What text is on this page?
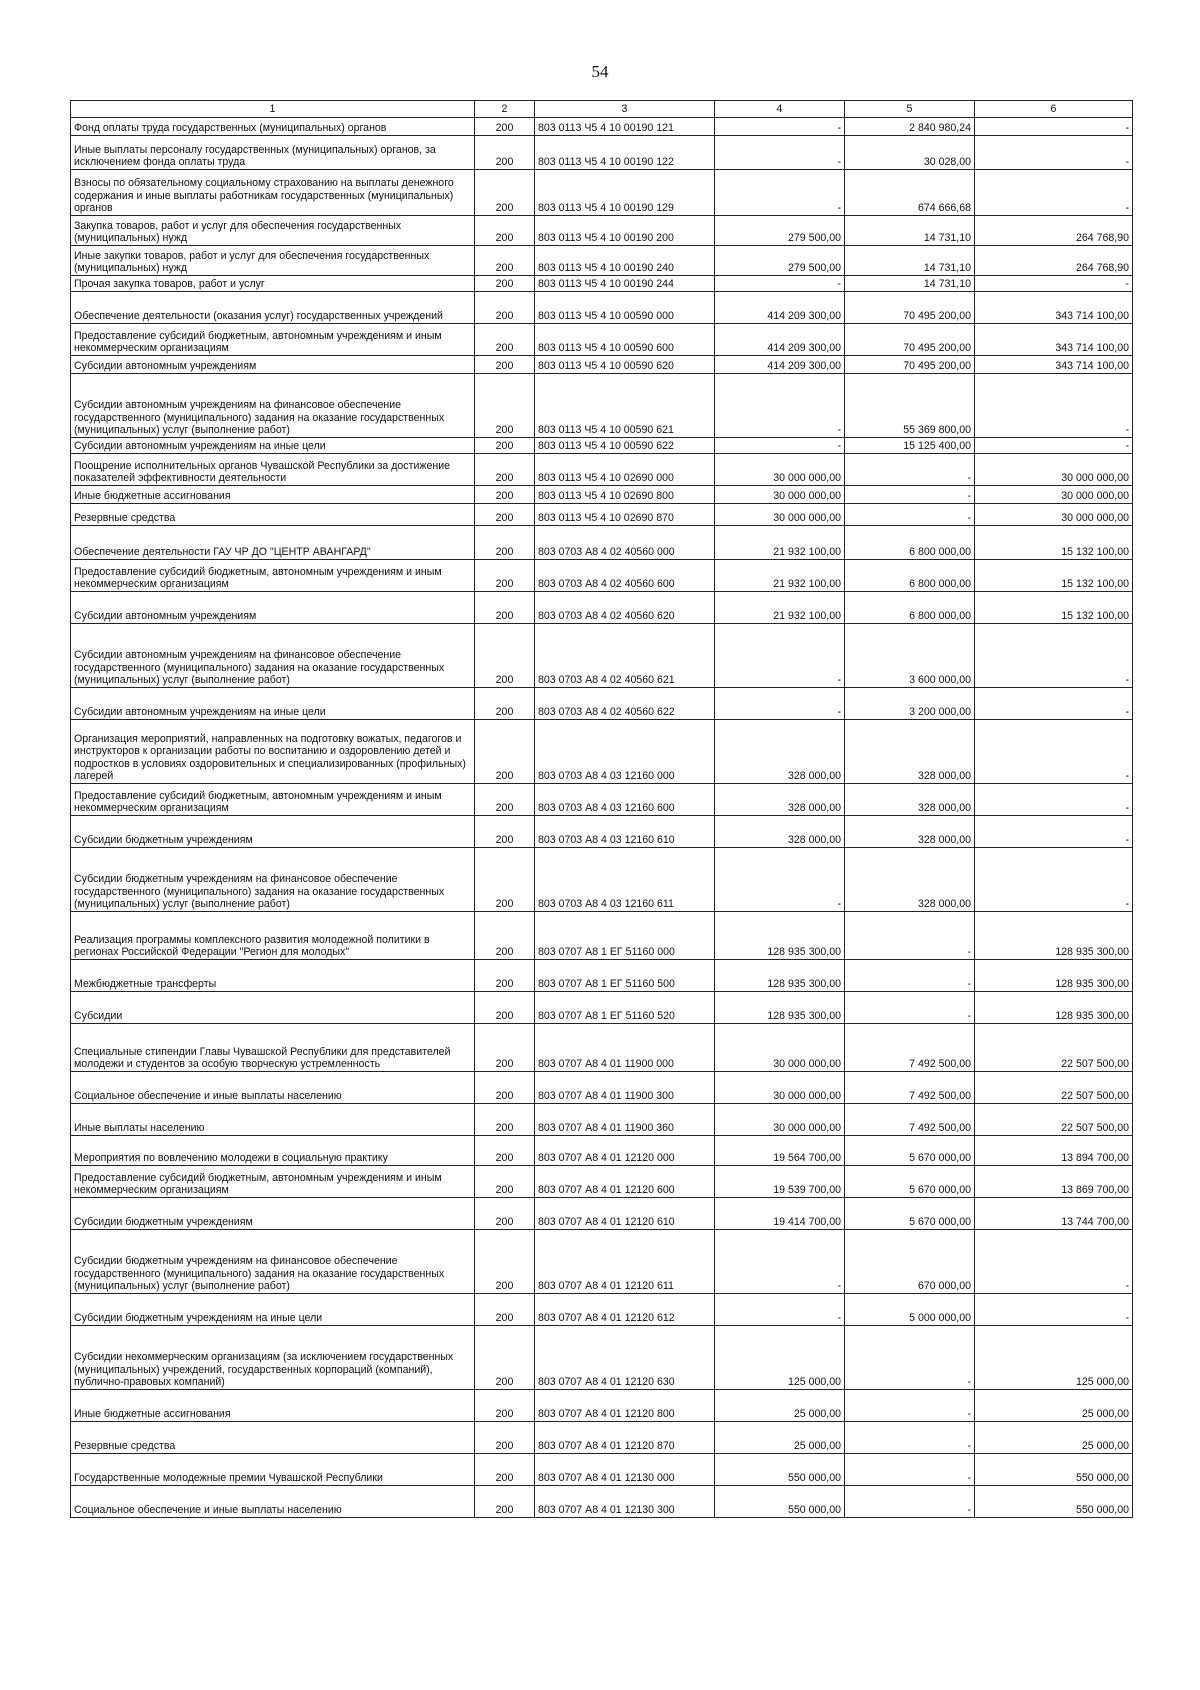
54
1	2	3	4	5	6
Фонд оплаты труда государственных (муниципальных) органов	200	803 0113 Ч5 4 10 00190 121	-	2 840 980,24	-
Иные выплаты персоналу государственных (муниципальных) органов, за исключением фонда оплаты труда	200	803 0113 Ч5 4 10 00190 122	-	30 028,00	-
Взносы по обязательному социальному страхованию на выплаты денежного содержания и иные выплаты работникам государственных (муниципальных) органов	200	803 0113 Ч5 4 10 00190 129	-	674 666,68	-
Закупка товаров, работ и услуг для обеспечения государственных (муниципальных) нужд	200	803 0113 Ч5 4 10 00190 200	279 500,00	14 731,10	264 768,90
Иные закупки товаров, работ и услуг для обеспечения государственных (муниципальных) нужд	200	803 0113 Ч5 4 10 00190 240	279 500,00	14 731,10	264 768,90
Прочая закупка товаров, работ и услуг	200	803 0113 Ч5 4 10 00190 244	-	14 731,10	-
Обеспечение деятельности (оказания услуг) государственных учреждений	200	803 0113 Ч5 4 10 00590 000	414 209 300,00	70 495 200,00	343 714 100,00
Предоставление субсидий бюджетным, автономным учреждениям и иным некоммерческим организациям	200	803 0113 Ч5 4 10 00590 600	414 209 300,00	70 495 200,00	343 714 100,00
Субсидии автономным учреждениям	200	803 0113 Ч5 4 10 00590 620	414 209 300,00	70 495 200,00	343 714 100,00
Субсидии автономным учреждениям на финансовое обеспечение государственного (муниципального) задания на оказание государственных (муниципальных) услуг (выполнение работ)	200	803 0113 Ч5 4 10 00590 621	-	55 369 800,00	-
Субсидии автономным учреждениям на иные цели	200	803 0113 Ч5 4 10 00590 622	-	15 125 400,00	-
Поощрение исполнительных органов Чувашской Республики за достижение показателей эффективности деятельности	200	803 0113 Ч5 4 10 02690 000	30 000 000,00	-	30 000 000,00
Иные бюджетные ассигнования	200	803 0113 Ч5 4 10 02690 800	30 000 000,00	-	30 000 000,00
Резервные средства	200	803 0113 Ч5 4 10 02690 870	30 000 000,00	-	30 000 000,00
Обеспечение деятельности ГАУ ЧР ДО "ЦЕНТР АВАНГАРД"	200	803 0703 А8 4 02 40560 000	21 932 100,00	6 800 000,00	15 132 100,00
Предоставление субсидий бюджетным, автономным учреждениям и иным некоммерческим организациям	200	803 0703 А8 4 02 40560 600	21 932 100,00	6 800 000,00	15 132 100,00
Субсидии автономным учреждениям	200	803 0703 А8 4 02 40560 620	21 932 100,00	6 800 000,00	15 132 100,00
Субсидии автономным учреждениям на финансовое обеспечение государственного (муниципального) задания на оказание государственных (муниципальных) услуг (выполнение работ)	200	803 0703 А8 4 02 40560 621	-	3 600 000,00	-
Субсидии автономным учреждениям на иные цели	200	803 0703 А8 4 02 40560 622	-	3 200 000,00	-
Организация мероприятий, направленных на подготовку вожатых, педагогов и инструкторов к организации работы по воспитанию и оздоровлению детей и подростков в условиях оздоровительных и специализированных (профильных) лагерей	200	803 0703 А8 4 03 12160 000	328 000,00	328 000,00	-
Предоставление субсидий бюджетным, автономным учреждениям и иным некоммерческим организациям	200	803 0703 А8 4 03 12160 600	328 000,00	328 000,00	-
Субсидии бюджетным учреждениям	200	803 0703 А8 4 03 12160 610	328 000,00	328 000,00	-
Субсидии бюджетным учреждениям на финансовое обеспечение государственного (муниципального) задания на оказание государственных (муниципальных) услуг (выполнение работ)	200	803 0703 А8 4 03 12160 611	-	328 000,00	-
Реализация программы комплексного развития молодежной политики в регионах Российской Федерации "Регион для молодых"	200	803 0707 А8 1 ЕГ 51160 000	128 935 300,00	-	128 935 300,00
Межбюджетные трансферты	200	803 0707 А8 1 ЕГ 51160 500	128 935 300,00	-	128 935 300,00
Субсидии	200	803 0707 А8 1 ЕГ 51160 520	128 935 300,00	-	128 935 300,00
Специальные стипендии Главы Чувашской Республики для представителей молодежи и студентов за особую творческую устремленность	200	803 0707 А8 4 01 11900 000	30 000 000,00	7 492 500,00	22 507 500,00
Социальное обеспечение и иные выплаты населению	200	803 0707 А8 4 01 11900 300	30 000 000,00	7 492 500,00	22 507 500,00
Иные выплаты населению	200	803 0707 А8 4 01 11900 360	30 000 000,00	7 492 500,00	22 507 500,00
Мероприятия по вовлечению молодежи в социальную практику	200	803 0707 А8 4 01 12120 000	19 564 700,00	5 670 000,00	13 894 700,00
Предоставление субсидий бюджетным, автономным учреждениям и иным некоммерческим организациям	200	803 0707 А8 4 01 12120 600	19 539 700,00	5 670 000,00	13 869 700,00
Субсидии бюджетным учреждениям	200	803 0707 А8 4 01 12120 610	19 414 700,00	5 670 000,00	13 744 700,00
Субсидии бюджетным учреждениям на финансовое обеспечение государственного (муниципального) задания на оказание государственных (муниципальных) услуг (выполнение работ)	200	803 0707 А8 4 01 12120 611	-	670 000,00	-
Субсидии бюджетным учреждениям на иные цели	200	803 0707 А8 4 01 12120 612	-	5 000 000,00	-
Субсидии некоммерческим организациям (за исключением государственных (муниципальных) учреждений, государственных корпораций (компаний), публично-правовых компаний)	200	803 0707 А8 4 01 12120 630	125 000,00	-	125 000,00
Иные бюджетные ассигнования	200	803 0707 А8 4 01 12120 800	25 000,00	-	25 000,00
Резервные средства	200	803 0707 А8 4 01 12120 870	25 000,00	-	25 000,00
Государственные молодежные премии Чувашской Республики	200	803 0707 А8 4 01 12130 000	550 000,00	-	550 000,00
Социальное обеспечение и иные выплаты населению	200	803 0707 А8 4 01 12130 300	550 000,00	-	550 000,00
